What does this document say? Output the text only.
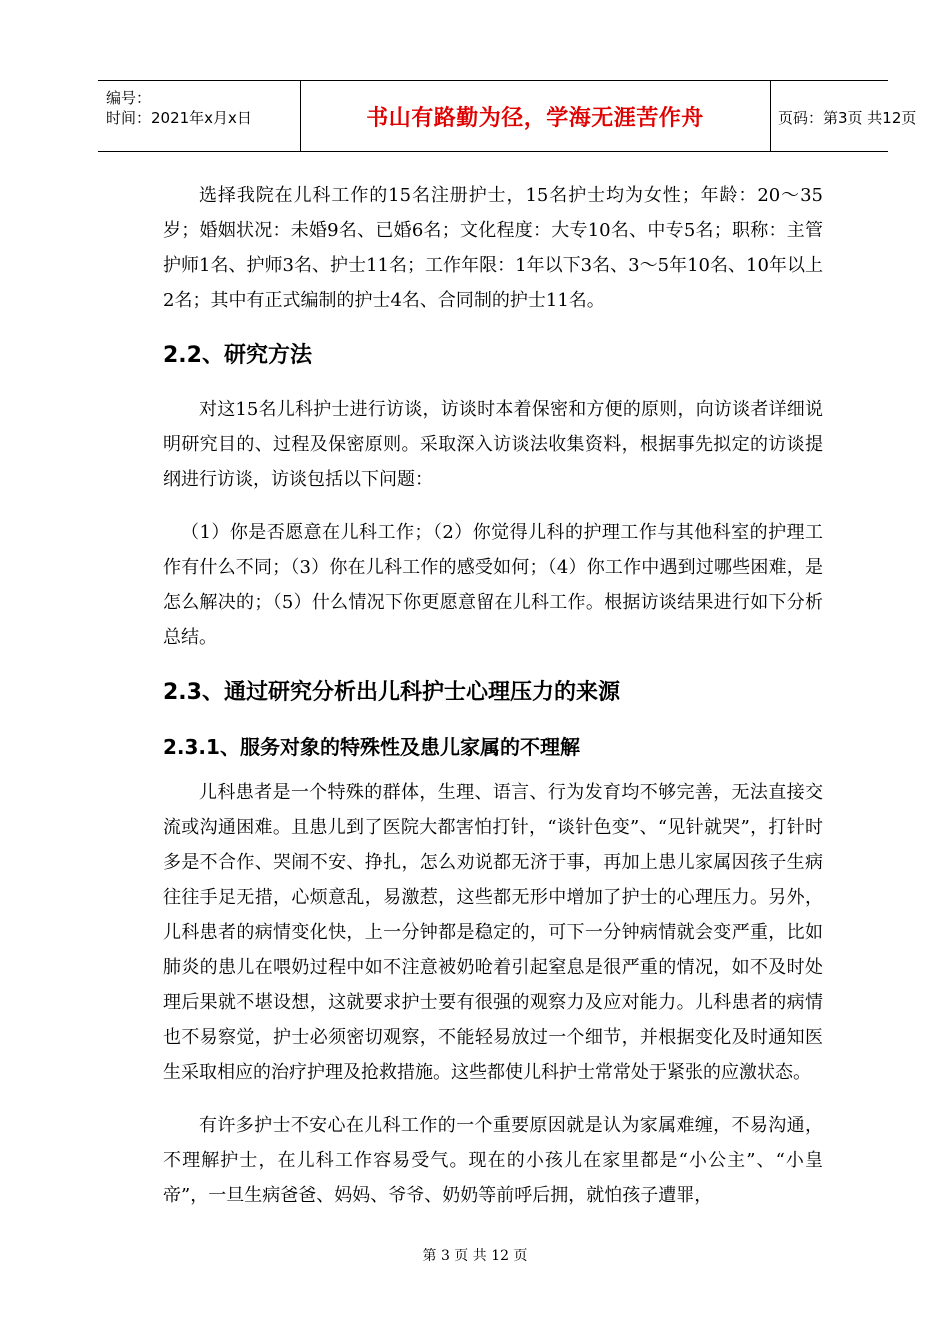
编号：
时间：2021年x月x日	书山有路勤为径，学海无涯苦作舟	页码：第3页 共12页

选择我院在儿科工作的15名注册护士，15名护士均为女性；年龄：20～35岁；婚姻状况：未婚9名、已婚6名；文化程度：大专10名、中专5名；职称：主管护师1名、护师3名、护士11名；工作年限：1年以下3名、3～5年10名、10年以上2名；其中有正式编制的护士4名、合同制的护士11名。

2.2、研究方法

对这15名儿科护士进行访谈，访谈时本着保密和方便的原则，向访谈者详细说明研究目的、过程及保密原则。采取深入访谈法收集资料，根据事先拟定的访谈提纲进行访谈，访谈包括以下问题：

（1）你是否愿意在儿科工作；（2）你觉得儿科的护理工作与其他科室的护理工作有什么不同；（3）你在儿科工作的感受如何；（4）你工作中遇到过哪些困难，是怎么解决的；（5）什么情况下你更愿意留在儿科工作。根据访谈结果进行如下分析总结。

2.3、通过研究分析出儿科护士心理压力的来源
2.3.1、服务对象的特殊性及患儿家属的不理解

儿科患者是一个特殊的群体，生理、语言、行为发育均不够完善，无法直接交流或沟通困难。且患儿到了医院大都害怕打针，“谈针色变”、“见针就哭”，打针时多是不合作、哭闹不安、挣扎，怎么劝说都无济于事，再加上患儿家属因孩子生病往往手足无措，心烦意乱，易激惹，这些都无形中增加了护士的心理压力。另外，儿科患者的病情变化快，上一分钟都是稳定的，可下一分钟病情就会变严重，比如肺炎的患儿在喂奶过程中如不注意被奶呛着引起窒息是很严重的情况，如不及时处理后果就不堪设想，这就要求护士要有很强的观察力及应对能力。儿科患者的病情也不易察觉，护士必须密切观察，不能轻易放过一个细节，并根据变化及时通知医生采取相应的治疗护理及抢救措施。这些都使儿科护士常常处于紧张的应激状态。

有许多护士不安心在儿科工作的一个重要原因就是认为家属难缠，不易沟通，不理解护士，在儿科工作容易受气。现在的小孩儿在家里都是“小公主”、“小皇帝”，一旦生病爸爸、妈妈、爷爷、奶奶等前呼后拥，就怕孩子遭罪，

第 3 页 共 12 页
